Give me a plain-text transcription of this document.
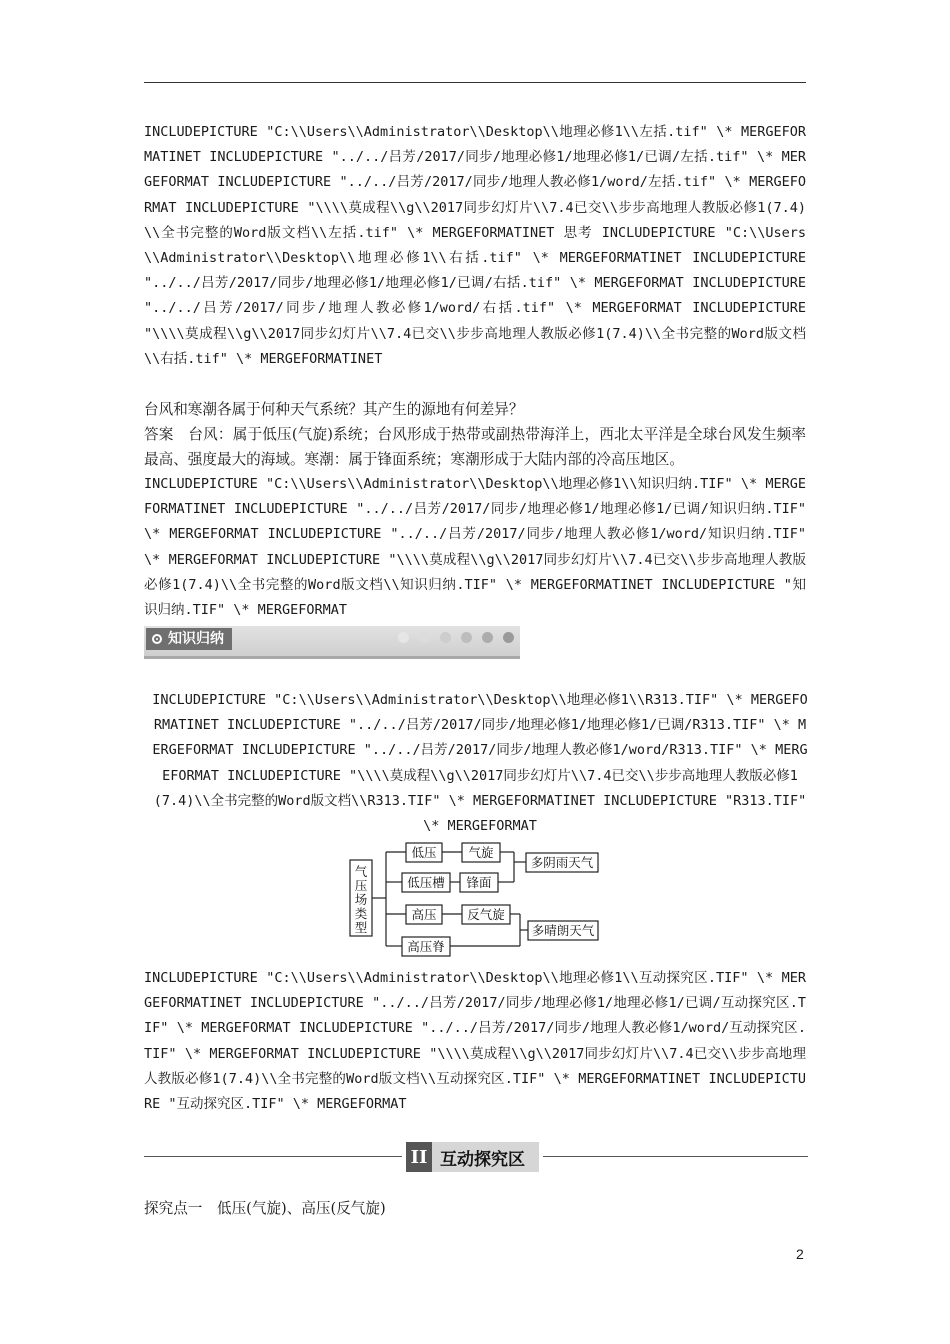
INCLUDEPICTURE "C:\\Users\\Administrator\\Desktop\\地理必修1\\左括.tif" \* MERGEFORMATINET INCLUDEPICTURE "../../吕芳/2017/同步/地理必修1/地理必修1/已调/左括.tif" \* MERGEFORMAT INCLUDEPICTURE "../../吕芳/2017/同步/地理人教必修1/word/左括.tif" \* MERGEFORMAT INCLUDEPICTURE "\\\\莫成程\\g\\2017同步幻灯片\\7.4已交\\步步高地理人教版必修1(7.4)\\全书完整的Word版文档\\左括.tif" \* MERGEFORMATINET 思考 INCLUDEPICTURE "C:\\Users\\Administrator\\Desktop\\地理必修1\\右括.tif" \* MERGEFORMATINET INCLUDEPICTURE "../../吕芳/2017/同步/地理必修1/地理必修1/已调/右括.tif" \* MERGEFORMAT INCLUDEPICTURE "../../吕芳/2017/同步/地理人教必修1/word/右括.tif" \* MERGEFORMAT INCLUDEPICTURE "\\\\莫成程\\g\\2017同步幻灯片\\7.4已交\\步步高地理人教版必修1(7.4)\\全书完整的Word版文档\\右括.tif" \* MERGEFORMATINET

台风和寒潮各属于何种天气系统？其产生的源地有何差异？

答案　台风：属于低压(气旋)系统；台风形成于热带或副热带海洋上，西北太平洋是全球台风发生频率最高、强度最大的海域。寒潮：属于锋面系统；寒潮形成于大陆内部的冷高压地区。

INCLUDEPICTURE "C:\\Users\\Administrator\\Desktop\\地理必修1\\知识归纳.TIF" \* MERGEFORMATINET INCLUDEPICTURE "../../吕芳/2017/同步/地理必修1/地理必修1/已调/知识归纳.TIF" \* MERGEFORMAT INCLUDEPICTURE "../../吕芳/2017/同步/地理人教必修1/word/知识归纳.TIF" \* MERGEFORMAT INCLUDEPICTURE "\\\\莫成程\\g\\2017同步幻灯片\\7.4已交\\步步高地理人教版必修1(7.4)\\全书完整的Word版文档\\知识归纳.TIF" \* MERGEFORMATINET INCLUDEPICTURE "知识归纳.TIF" \* MERGEFORMAT

知识归纳

INCLUDEPICTURE "C:\\Users\\Administrator\\Desktop\\地理必修1\\R313.TIF" \* MERGEFORMATINET INCLUDEPICTURE "../../吕芳/2017/同步/地理必修1/地理必修1/已调/R313.TIF" \* MERGEFORMAT INCLUDEPICTURE "../../吕芳/2017/同步/地理人教必修1/word/R313.TIF" \* MERGEFORMAT INCLUDEPICTURE "\\\\莫成程\\g\\2017同步幻灯片\\7.4已交\\步步高地理人教版必修1(7.4)\\全书完整的Word版文档\\R313.TIF" \* MERGEFORMATINET INCLUDEPICTURE "R313.TIF" \* MERGEFORMAT

气压场类型
低压	气旋
低压槽 锋面
多阴雨天气
高压 反气旋
高压脊
多晴朗天气

INCLUDEPICTURE "C:\\Users\\Administrator\\Desktop\\地理必修1\\互动探究区.TIF" \* MERGEFORMATINET INCLUDEPICTURE "../../吕芳/2017/同步/地理必修1/地理必修1/已调/互动探究区.TIF" \* MERGEFORMAT INCLUDEPICTURE "../../吕芳/2017/同步/地理人教必修1/word/互动探究区.TIF" \* MERGEFORMAT INCLUDEPICTURE "\\\\莫成程\\g\\2017同步幻灯片\\7.4已交\\步步高地理人教版必修1(7.4)\\全书完整的Word版文档\\互动探究区.TIF" \* MERGEFORMATINET INCLUDEPICTURE "互动探究区.TIF" \* MERGEFORMAT

II 互动探究区

探究点一　低压(气旋)、高压(反气旋)

2
